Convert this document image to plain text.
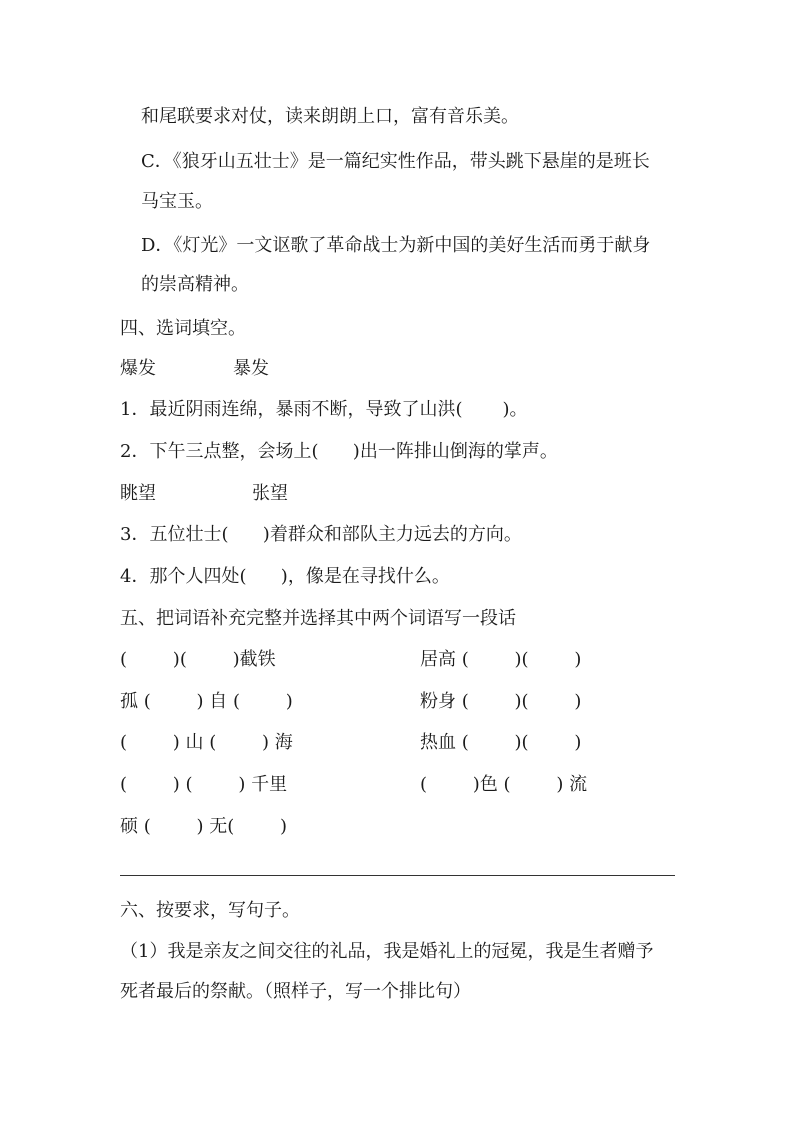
和尾联要求对仗，读来朗朗上口，富有音乐美。
C．《狼牙山五壮士》是一篇纪实性作品，带头跳下悬崖的是班长
马宝玉。
D．《灯光》一文讴歌了革命战士为新中国的美好生活而勇于献身
的崇高精神。
四、选词填空。
爆发	暴发
1．最近阴雨连绵，暴雨不断，导致了山洪(       )。
2．下午三点整，会场上(      )出一阵排山倒海的掌声。
眺望	张望
3．五位壮士(      )着群众和部队主力远去的方向。
4．那个人四处(      )，像是在寻找什么。
五、把词语补充完整并选择其中两个词语写一段话
(        )(        )截铁	居高 (        )(        )
孤 (        ) 自 (        )	粉身 (        )(        )
(        ) 山 (        ) 海	热血 (        )(        )
(        ) (        ) 千里	(        )色 (        ) 流
硕 (        ) 无(        )
六、按要求，写句子。
（1）我是亲友之间交往的礼品，我是婚礼上的冠冕，我是生者赠予
死者最后的祭献。（照样子，写一个排比句）
